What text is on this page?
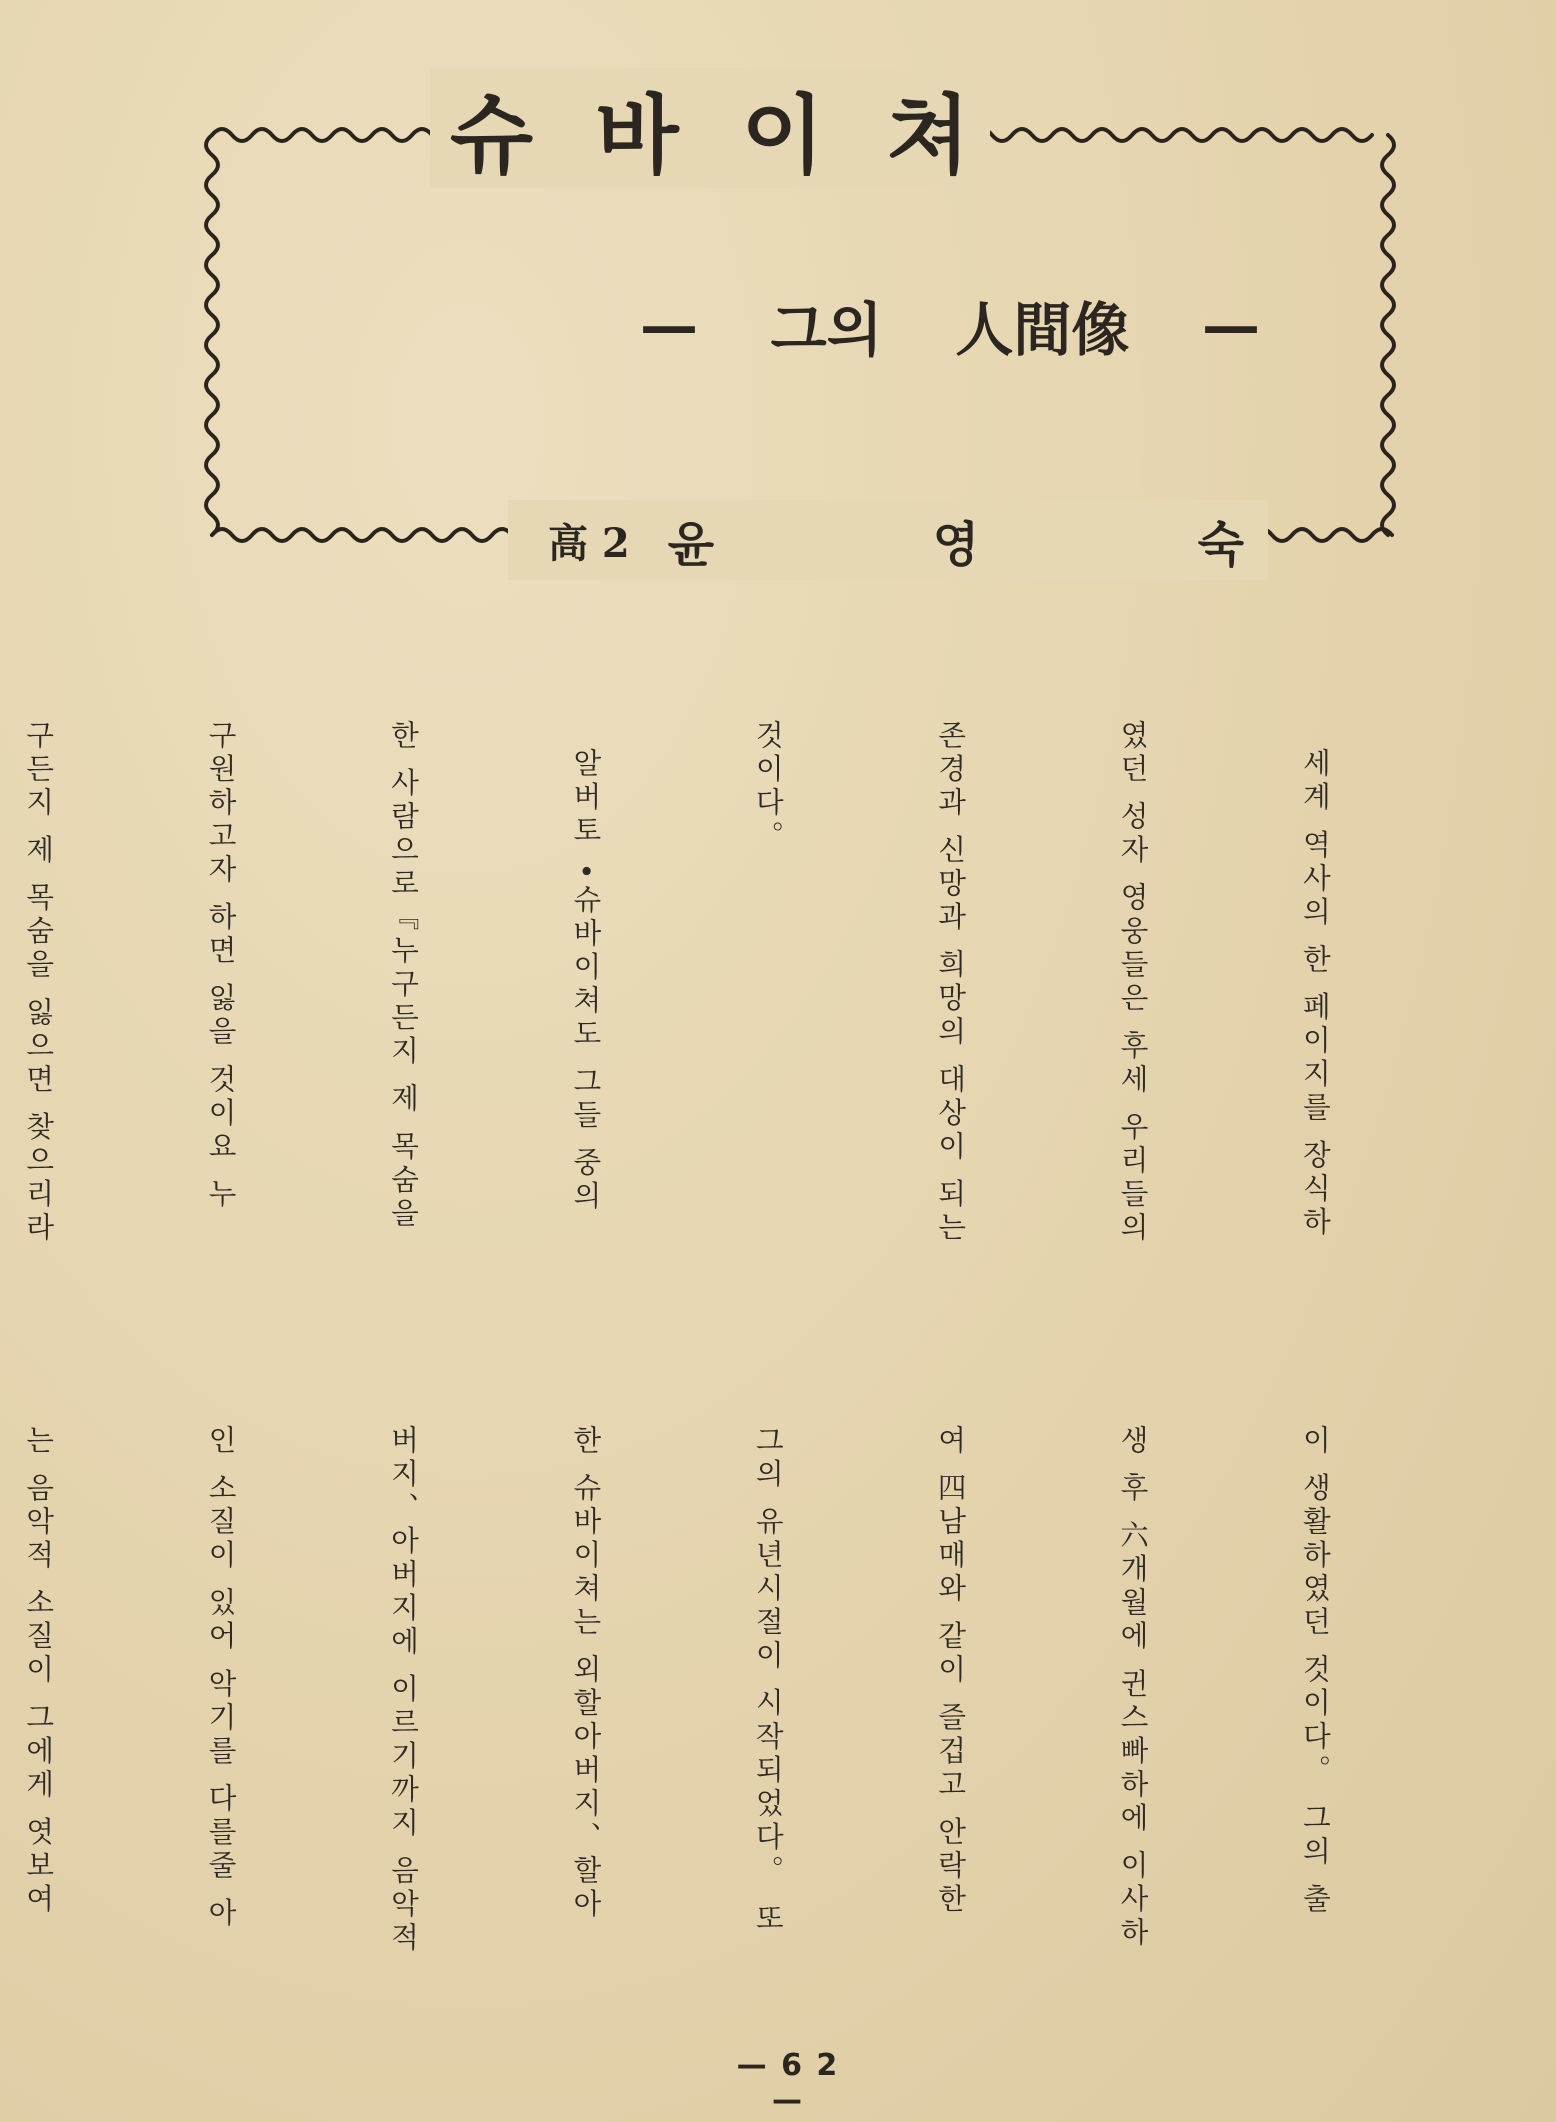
슈 바 이 쳐
— 그의 人間像 —
高 2 윤	영	숙

세계 역사의 한 페이지를 장식하

였던 성자 영웅들은 후세 우리들의

존경과 신망과 희망의 대상이 되는

것이다。

알버토 •슈바이쳐도 그들 중의

한 사람으로『누구든지 제 목숨을

구원하고자 하면 잃을 것이요 누

구든지 제 목숨을 잃으면 찾으리라

이 생활하였던 것이다。 그의 출

생 후 六개월에 귄스빠하에 이사하

여 四남매와 같이 즐겁고 안락한

그의 유년시절이 시작되었다。 또

한 슈바이쳐는 외할아버지、할아

버지、아버지에 이르기까지 음악적

인 소질이 있어 악기를 다를줄 아

는 음악적 소질이 그에게 엿보여

— 6 2 —
